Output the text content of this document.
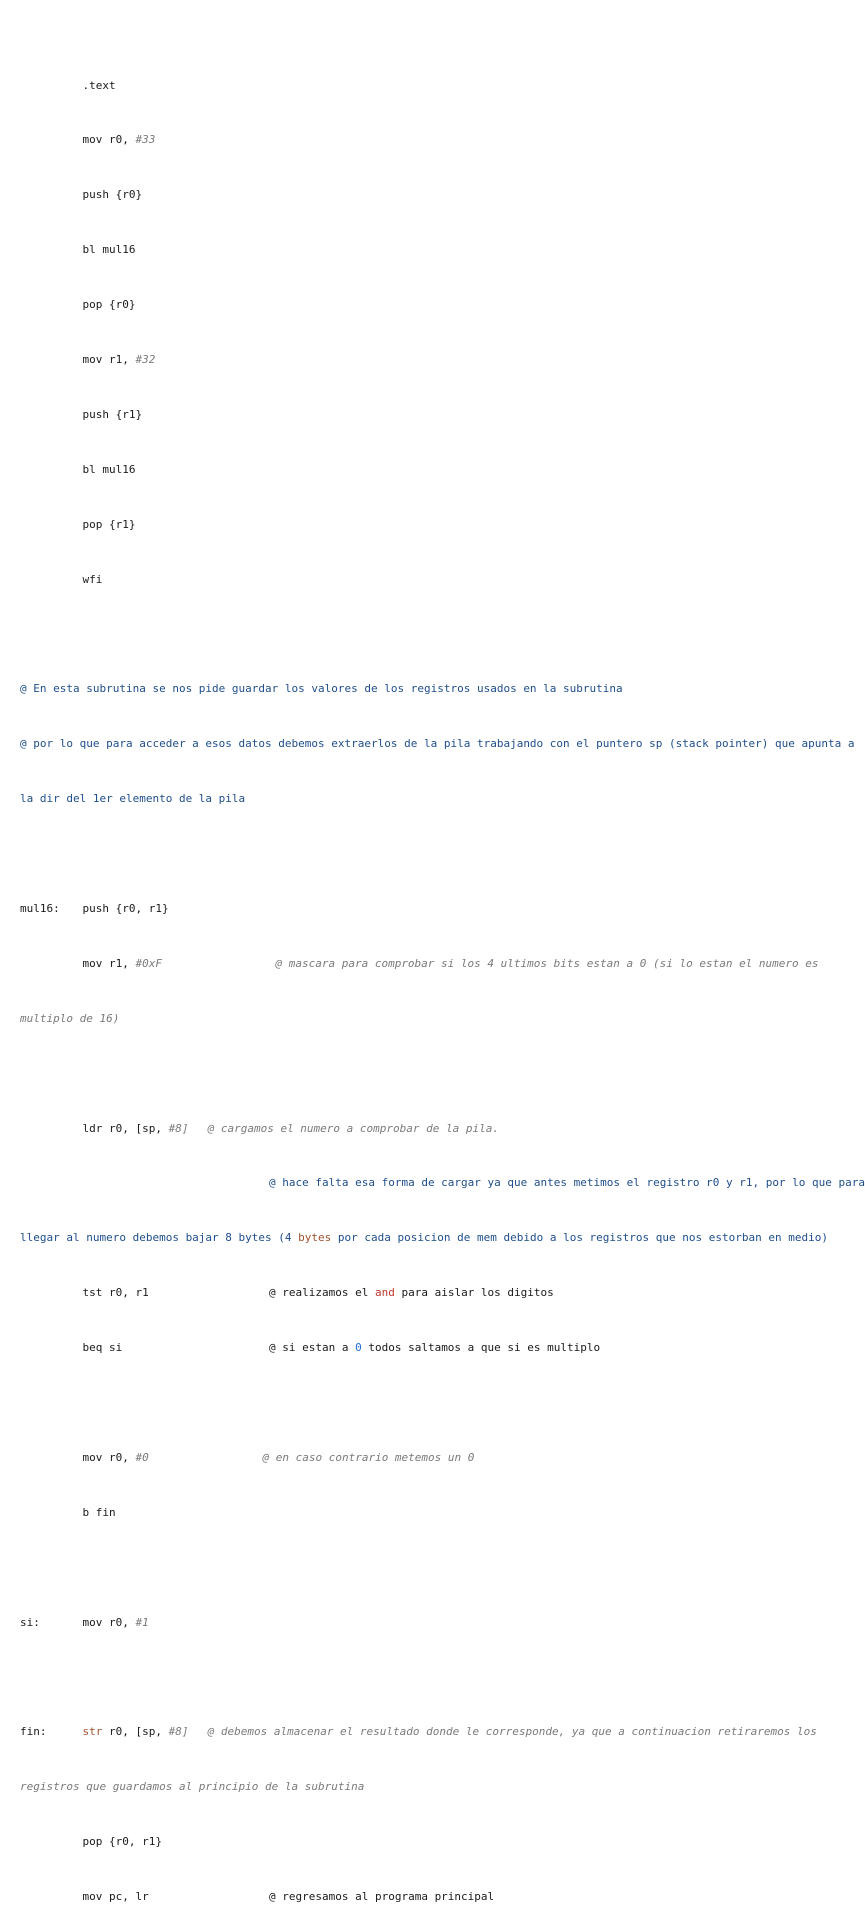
.text

mov r0, #33

push {r0}

bl mul16

pop {r0}

mov r1, #32

push {r1}

bl mul16

pop {r1}

wfi

@ En esta subrutina se nos pide guardar los valores de los registros usados en la subrutina

@ por lo que para acceder a esos datos debemos extraerlos de la pila trabajando con el puntero sp (stack pointer) que apunta a

la dir del 1er elemento de la pila

mul16: push {r0, r1}

mov r1, #0xF	@ mascara para comprobar si los 4 ultimos bits estan a 0 (si lo estan el numero es

multiplo de 16)

ldr r0, [sp, #8] @ cargamos el numero a comprobar de la pila.

@ hace falta esa forma de cargar ya que antes metimos el registro r0 y r1, por lo que para

llegar al numero debemos bajar 8 bytes (4 bytes por cada posicion de mem debido a los registros que nos estorban en medio)

tst r0, r1	@ realizamos el and para aislar los digitos

beq si	@ si estan a 0 todos saltamos a que si es multiplo

mov r0, #0	@ en caso contrario metemos un 0

b fin

si:	mov r0, #1

fin:	str r0, [sp, #8] @ debemos almacenar el resultado donde le corresponde, ya que a continuacion retiraremos los

registros que guardamos al principio de la subrutina

pop {r0, r1}

mov pc, lr	@ regresamos al programa principal
